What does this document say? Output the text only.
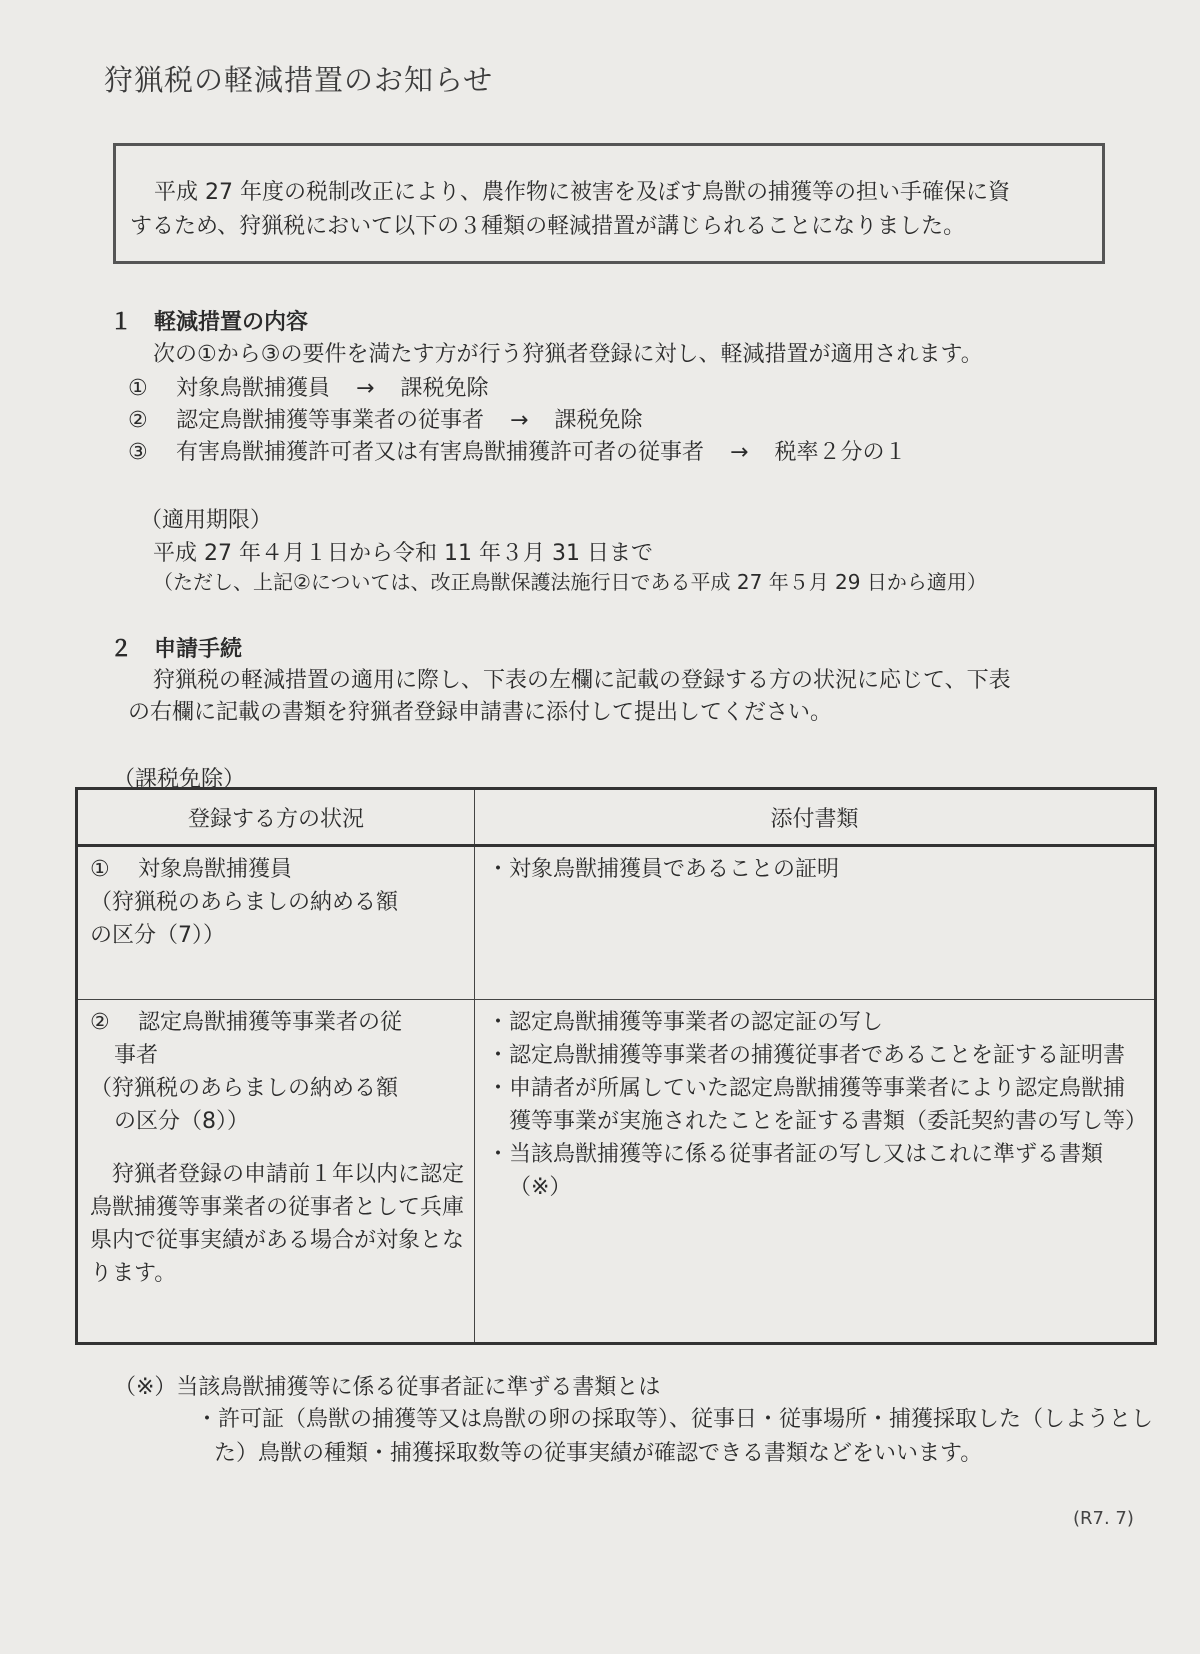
狩猟税の軽減措置のお知らせ
平成 27 年度の税制改正により、農作物に被害を及ぼす鳥獣の捕獲等の担い手確保に資
するため、狩猟税において以下の３種類の軽減措置が講じられることになりました。
１　軽減措置の内容
次の①から③の要件を満たす方が行う狩猟者登録に対し、軽減措置が適用されます。
① 対象鳥獣捕獲員 → 課税免除
② 認定鳥獣捕獲等事業者の従事者 → 課税免除
③ 有害鳥獣捕獲許可者又は有害鳥獣捕獲許可者の従事者 → 税率２分の１
（適用期限）
平成 27 年４月１日から令和 11 年３月 31 日まで
（ただし、上記②については、改正鳥獣保護法施行日である平成 27 年５月 29 日から適用）
２　申請手続
狩猟税の軽減措置の適用に際し、下表の左欄に記載の登録する方の状況に応じて、下表
の右欄に記載の書類を狩猟者登録申請書に添付して提出してください。
（課税免除）
登録する方の状況	添付書類

① 対象鳥獣捕獲員
（狩猟税のあらましの納める額
の区分（7））	・対象鳥獣捕獲員であることの証明

② 認定鳥獣捕獲等事業者の従
事者
（狩猟税のあらましの納める額
の区分（8））
狩猟者登録の申請前１年以内に認定鳥獣捕獲等事業者の従事者として兵庫県内で従事実績がある場合が対象となります。	・認定鳥獣捕獲等事業者の認定証の写し
・認定鳥獣捕獲等事業者の捕獲従事者であることを証する証明書
・申請者が所属していた認定鳥獣捕獲等事業者により認定鳥獣捕獲等事業が実施されたことを証する書類（委託契約書の写し等）
・当該鳥獣捕獲等に係る従事者証の写し又はこれに準ずる書類（※）
（※）当該鳥獣捕獲等に係る従事者証に準ずる書類とは
・許可証（鳥獣の捕獲等又は鳥獣の卵の採取等）、従事日・従事場所・捕獲採取した（しようとした）鳥獣の種類・捕獲採取数等の従事実績が確認できる書類などをいいます。
(R7. 7)
